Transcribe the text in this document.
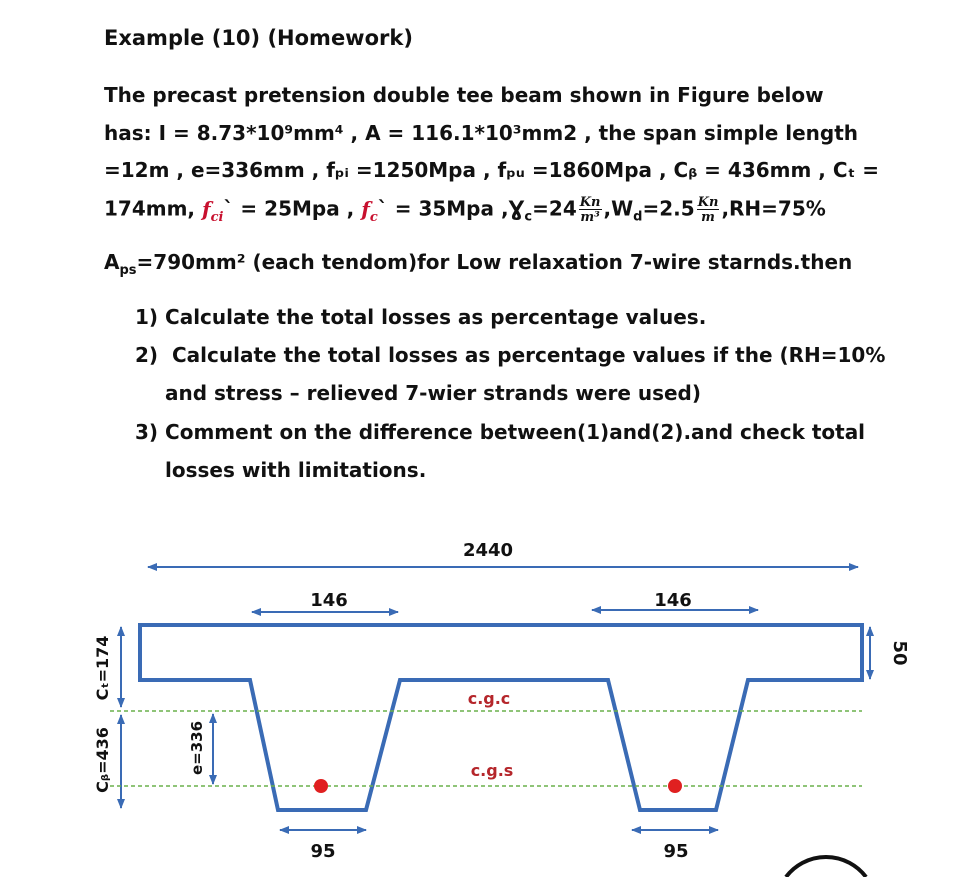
Example (10) (Homework)
The precast pretension double tee beam shown in Figure below
has: I = 8.73*10⁹mm⁴ , A = 116.1*10³mm2 , the span simple length
=12m , e=336mm , fₚᵢ =1250Mpa , fₚᵤ =1860Mpa , Cᵦ = 436mm , Cₜ =
174mm, $f_{ci}` = 25Mpa$ , $f_c` = 35Mpa$ $,Ɣ_c=24 \frac{Kn}{\text{m³}} ,W_d=2.5 \frac{Kn}{m} ,RH=75\%$
$A_{ps}=790mm^2$ (each tendom)for Low relaxation 7-wire starnds.then
1) Calculate the total losses as percentage values.
2) Calculate the total losses as percentage values if the (RH=10%
and stress – relieved 7-wier strands were used)
3) Comment on the difference between(1)and(2).and check total
losses with limitations.
2440
146	146
95	95
50
c.g.c
c.g.s
Cₜ=174
Cᵦ=436	e=336
